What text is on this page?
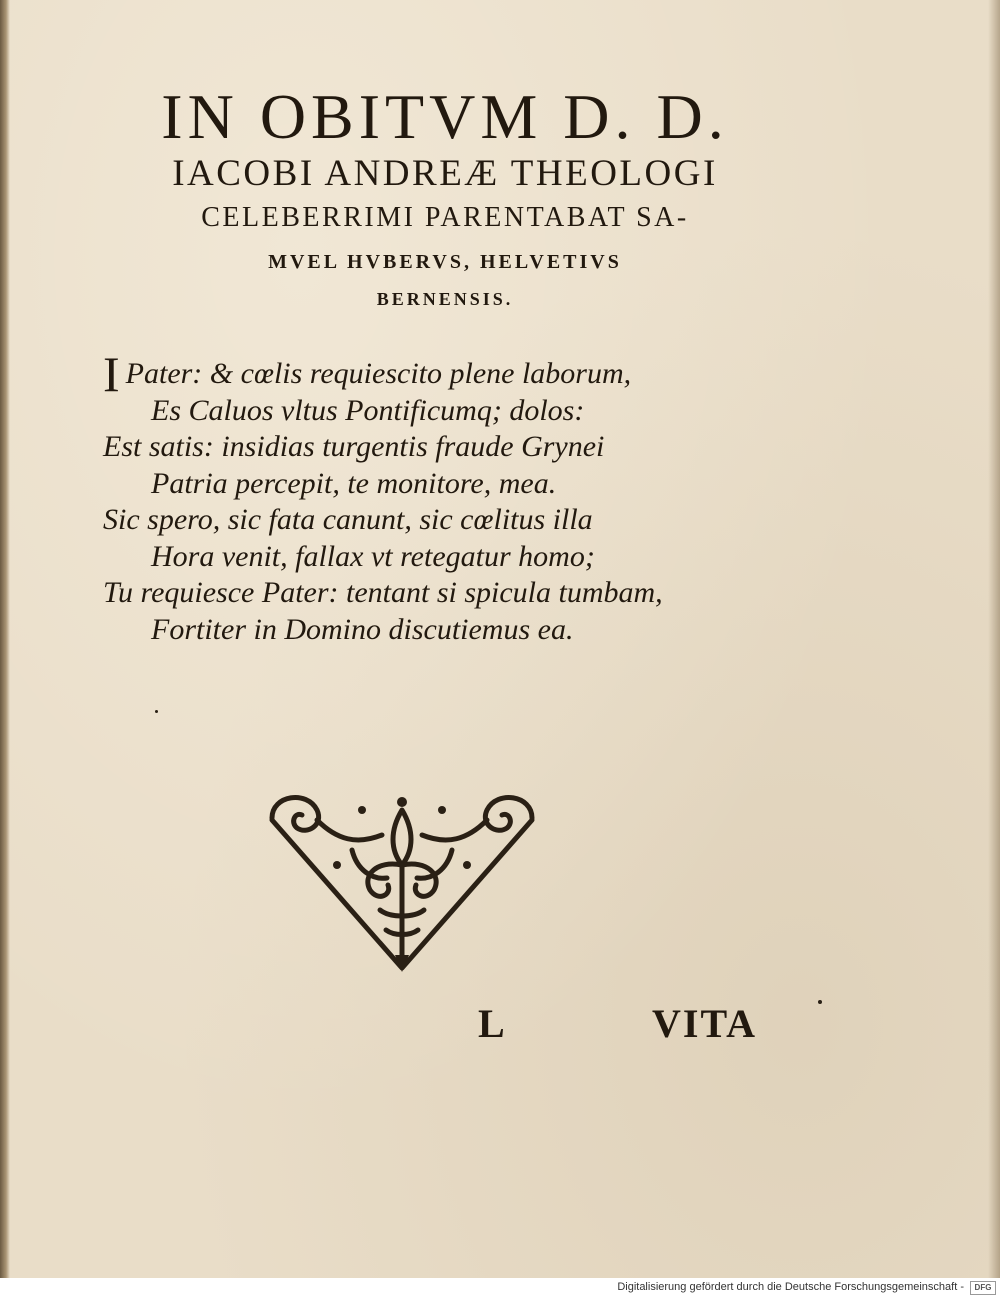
IN OBITVM D. D.
IACOBI ANDREÆ THEOLOGI
CELEBERRIMI PARENTABAT SA-
MVEL HVBERVS, HELVETIVS
BERNENSIS.
I Pater: & cœlis requiescito plene laborum,
Es Caluos vltus Pontificumq; dolos:
Est satis: insidias turgentis fraude Grynei
Patria percepit, te monitore, mea.
Sic spero, sic fata canunt, sic cœlitus illa
Hora venit, fallax vt retegatur homo;
Tu requiesce Pater: tentant si spicula tumbam,
Fortiter in Domino discutiemus ea.
L	VITA
Digitalisierung gefördert durch die Deutsche Forschungsgemeinschaft -	DFG
